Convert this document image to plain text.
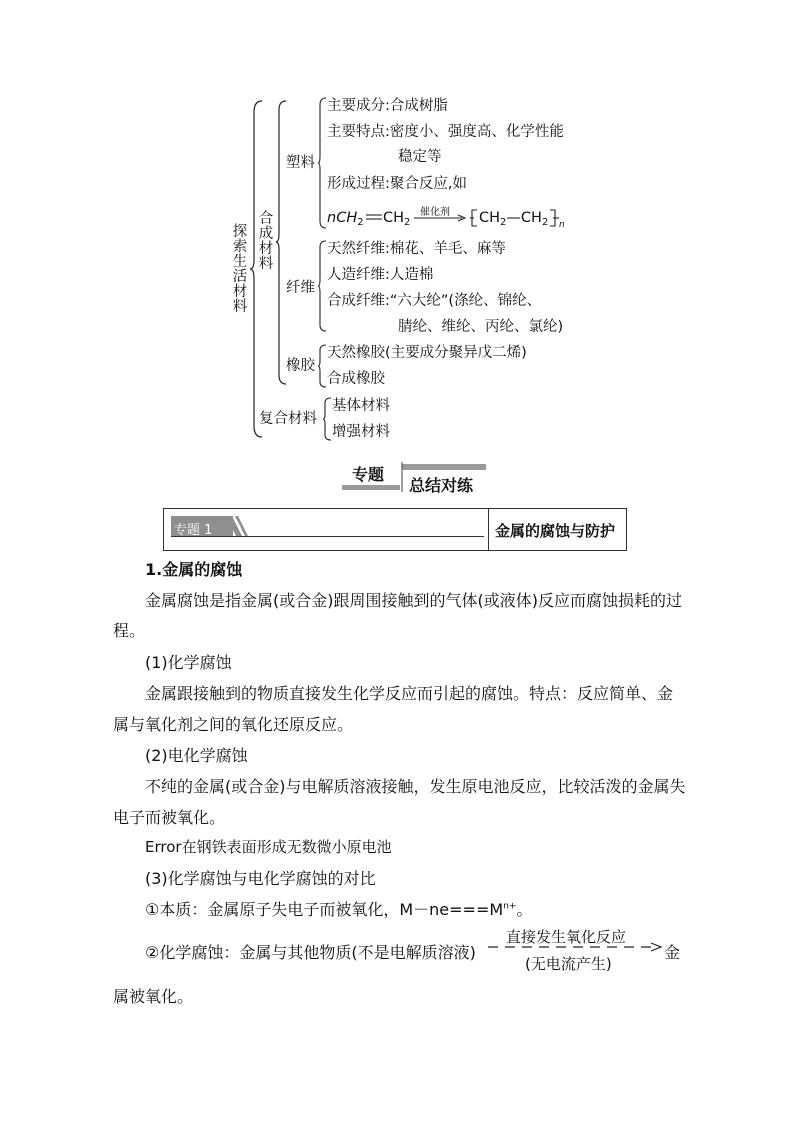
探索生活材料
合成材料
塑料
主要成分:合成树脂
主要特点:密度小、强度高、化学性能
稳定等
形成过程:聚合反应,如
nCH$_2$ $CH_2$
催化剂 $CH_2—CH_2$ n
纤维
天然纤维:棉花、羊毛、麻等
人造纤维:人造棉
合成纤维:“六大纶”(涤纶、锦纶、
腈纶、维纶、丙纶、氯纶)
橡胶
天然橡胶(主要成分聚异戊二烯)
合成橡胶
复合材料
基体材料
增强材料
专题
总结对练
专题 1	金属的腐蚀与防护
1.金属的腐蚀
金属腐蚀是指金属(或合金)跟周围接触到的气体(或液体)反应而腐蚀损耗的过
程。
(1)化学腐蚀
金属跟接触到的物质直接发生化学反应而引起的腐蚀。特点：反应简单、金
属与氧化剂之间的氧化还原反应。
(2)电化学腐蚀
不纯的金属(或合金)与电解质溶液接触，发生原电池反应，比较活泼的金属失
电子而被氧化。
Error在钢铁表面形成无数微小原电池
(3)化学腐蚀与电化学腐蚀的对比
①本质：金属原子失电子而被氧化，$M-ne===M^{n+}$。
②化学腐蚀：金属与其他物质(不是电解质溶液)
直接发生氧化反应
(无电流产生)
金
属被氧化。
